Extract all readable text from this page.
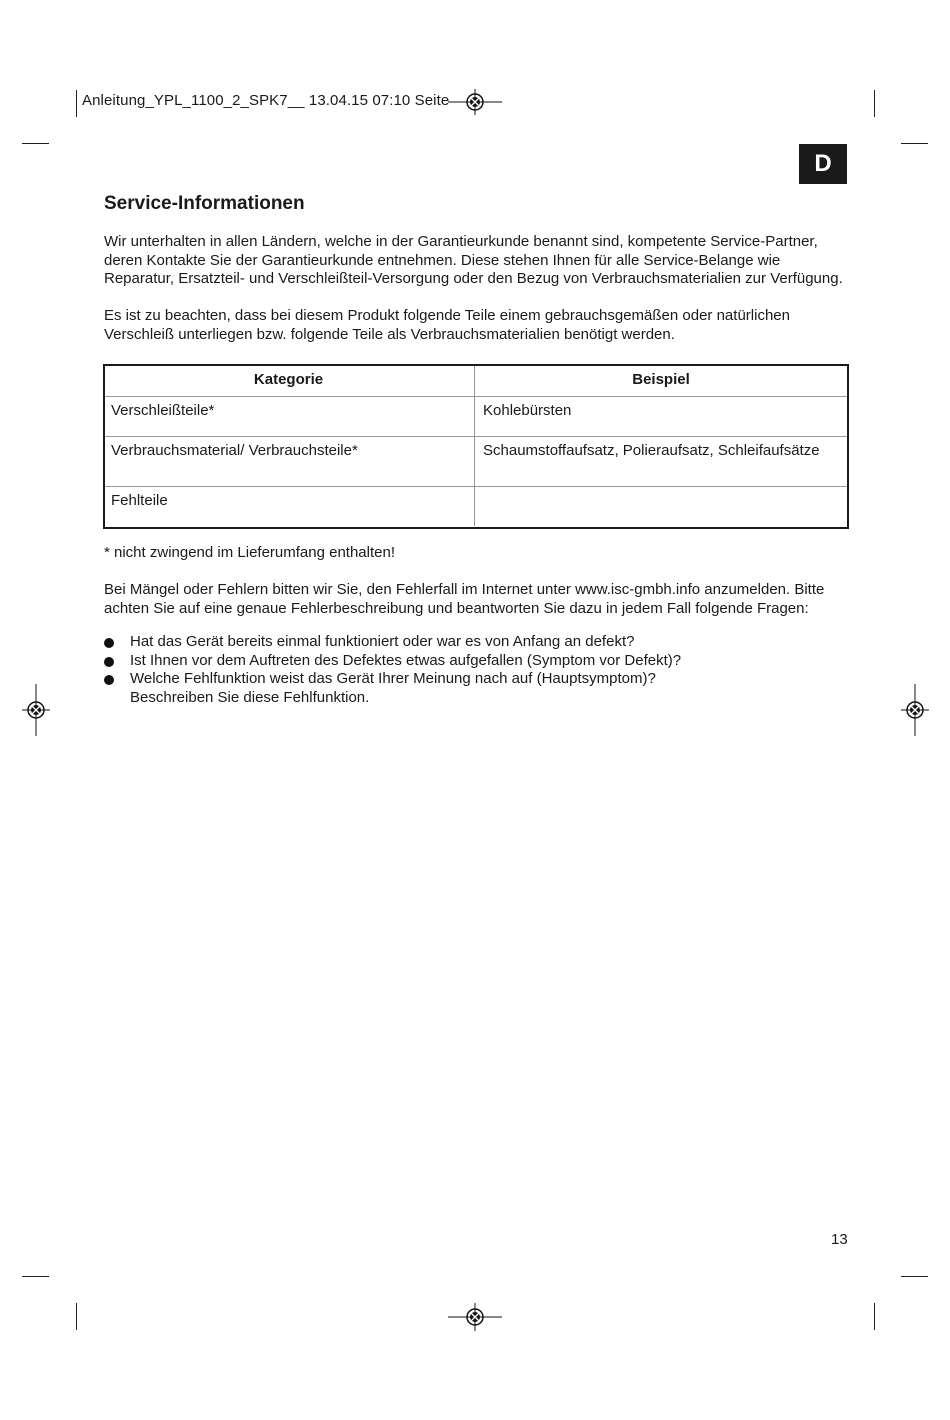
Anleitung_YPL_1100_2_SPK7__ 13.04.15 07:10 Seite
D
Service-Informationen
Wir unterhalten in allen Ländern, welche in der Garantieurkunde benannt sind, kompetente Service-Partner, deren Kontakte Sie der Garantieurkunde entnehmen. Diese stehen Ihnen für alle Service-Belange wie Reparatur, Ersatzteil- und Verschleißteil-Versorgung oder den Bezug von Verbrauchsmaterialien zur Verfügung.
Es ist zu beachten, dass bei diesem Produkt folgende Teile einem gebrauchsgemäßen oder natürlichen Verschleiß unterliegen bzw. folgende Teile als Verbrauchsmaterialien benötigt werden.
Kategorie	Beispiel
Verschleißteile*	Kohlebürsten
Verbrauchsmaterial/ Verbrauchsteile*	Schaumstoffaufsatz, Polieraufsatz, Schleifaufsätze
Fehlteile	
* nicht zwingend im Lieferumfang enthalten!
Bei Mängel oder Fehlern bitten wir Sie, den Fehlerfall im Internet unter www.isc-gmbh.info anzumelden. Bitte achten Sie auf eine genaue Fehlerbeschreibung und beantworten Sie dazu in jedem Fall folgende Fragen:
Hat das Gerät bereits einmal funktioniert oder war es von Anfang an defekt?
Ist Ihnen vor dem Auftreten des Defektes etwas aufgefallen (Symptom vor Defekt)?
Welche Fehlfunktion weist das Gerät Ihrer Meinung nach auf (Hauptsymptom)?
Beschreiben Sie diese Fehlfunktion.
13
